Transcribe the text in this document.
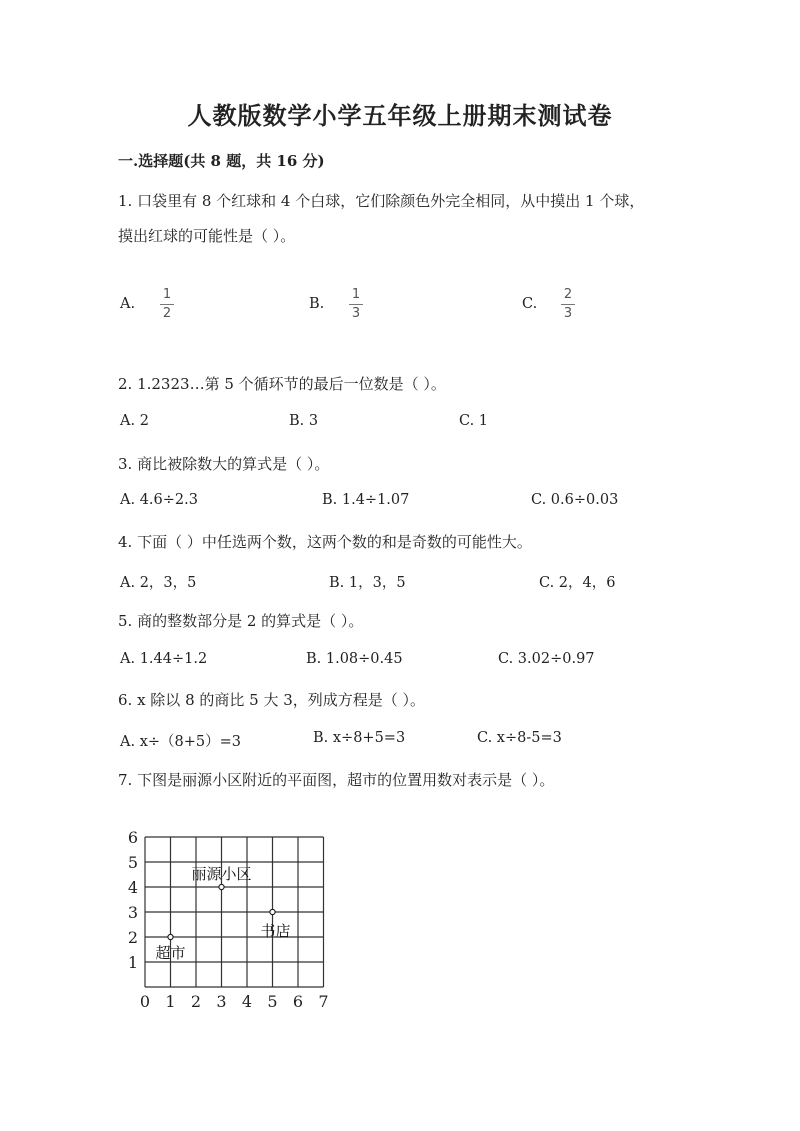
人教版数学小学五年级上册期末测试卷
一.选择题(共 8 题，共 16 分)
1. 口袋里有 8 个红球和 4 个白球，它们除颜色外完全相同，从中摸出 1 个球，
摸出红球的可能性是（ ）。
A.
1
2
B.
1
3
C.
2
3
2. 1.2323…第 5 个循环节的最后一位数是（ ）。
A. 2	B. 3	C. 1
3. 商比被除数大的算式是（ ）。
A. 4.6÷2.3	B. 1.4÷1.07	C. 0.6÷0.03
4. 下面（ ）中任选两个数，这两个数的和是奇数的可能性大。
A. 2，3，5	B. 1，3，5	C. 2，4，6
5. 商的整数部分是 2 的算式是（ ）。
A. 1.44÷1.2	B. 1.08÷0.45	C. 3.02÷0.97
6. x 除以 8 的商比 5 大 3，列成方程是（ ）。
A. x÷（8+5）=3	B. x÷8+5=3	C. x÷8-5=3
7. 下图是丽源小区附近的平面图，超市的位置用数对表示是（ ）。
0 1 2 3 4 5 6 7
1
2
3
4
5
6
丽源小区
书店
超市
